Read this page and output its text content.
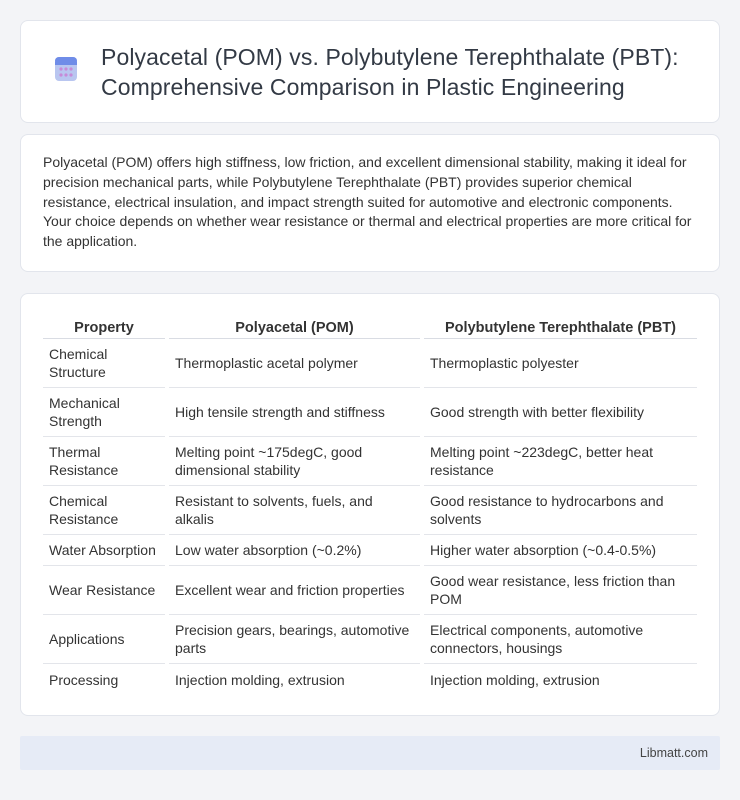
Polyacetal (POM) vs. Polybutylene Terephthalate (PBT): Comprehensive Comparison in Plastic Engineering

Polyacetal (POM) offers high stiffness, low friction, and excellent dimensional stability, making it ideal for precision mechanical parts, while Polybutylene Terephthalate (PBT) provides superior chemical resistance, electrical insulation, and impact strength suited for automotive and electronic components. Your choice depends on whether wear resistance or thermal and electrical properties are more critical for the application.

Property	Polyacetal (POM)	Polybutylene Terephthalate (PBT)
Chemical Structure	Thermoplastic acetal polymer	Thermoplastic polyester
Mechanical Strength	High tensile strength and stiffness	Good strength with better flexibility
Thermal Resistance	Melting point ~175degC, good dimensional stability	Melting point ~223degC, better heat resistance
Chemical Resistance	Resistant to solvents, fuels, and alkalis	Good resistance to hydrocarbons and solvents
Water Absorption	Low water absorption (~0.2%)	Higher water absorption (~0.4-0.5%)
Wear Resistance	Excellent wear and friction properties	Good wear resistance, less friction than POM
Applications	Precision gears, bearings, automotive parts	Electrical components, automotive connectors, housings
Processing	Injection molding, extrusion	Injection molding, extrusion
Libmatt.com
